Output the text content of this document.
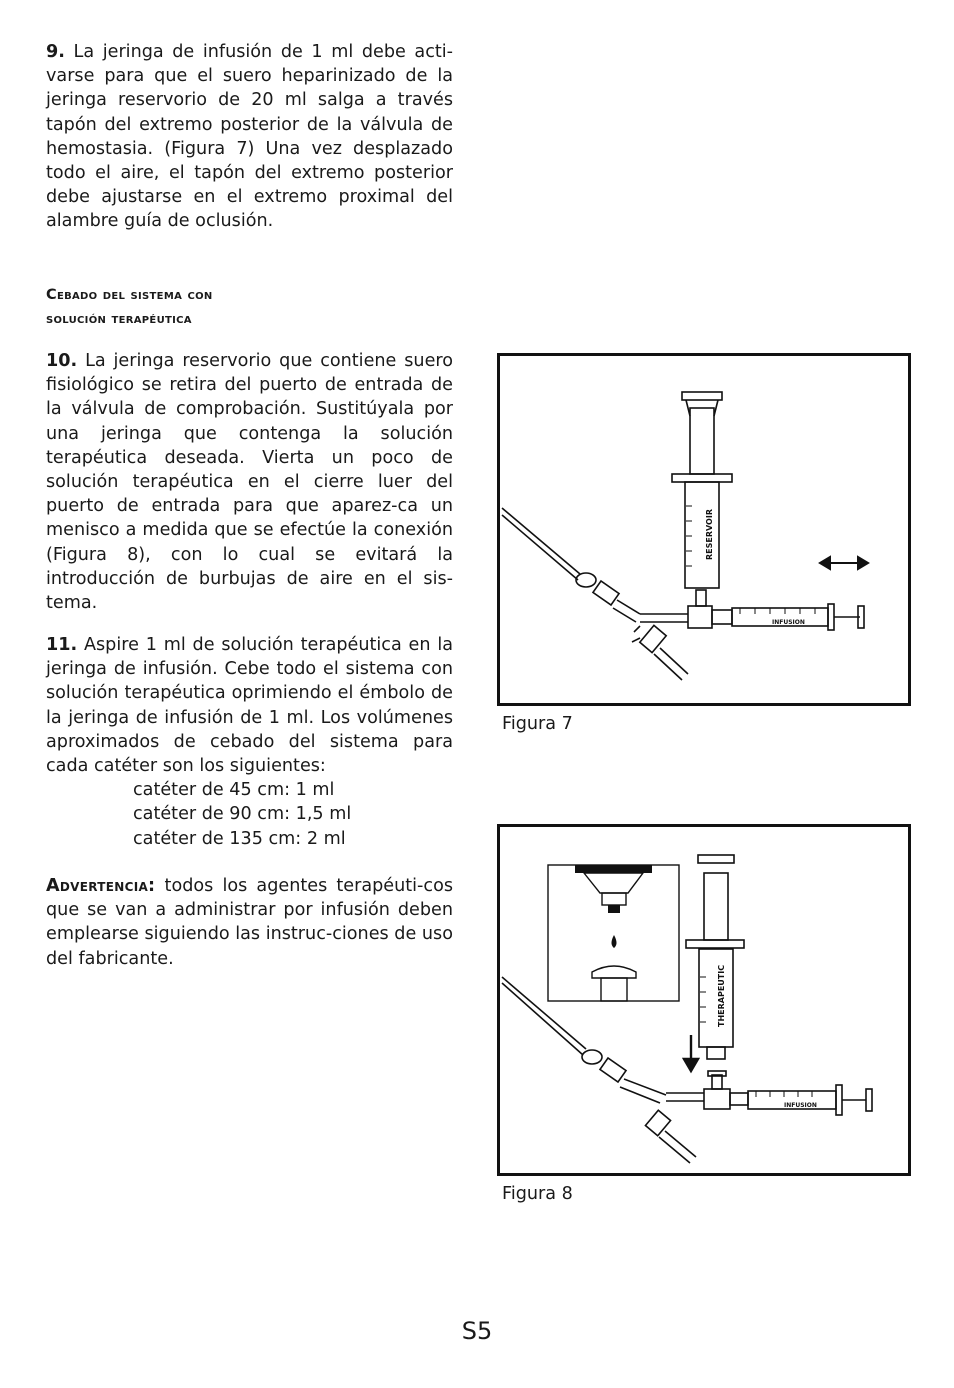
9. La jeringa de infusión de 1 ml debe acti-varse para que el suero heparinizado de la jeringa reservorio de 20 ml salga a través tapón del extremo posterior de la válvula de hemostasia. (Figura 7) Una vez desplazado todo el aire, el tapón del extremo posterior debe ajustarse en el extremo proximal del alambre guía de oclusión.

Cebado del sistema con
solución terapéutica

10. La jeringa reservorio que contiene suero fisiológico se retira del puerto de entrada de la válvula de comprobación. Sustitúyala por una jeringa que contenga la solución terapéutica deseada. Vierta un poco de solución terapéutica en el cierre luer del puerto de entrada para que aparez-ca un menisco a medida que se efectúe la conexión (Figura 8), con lo cual se evitará la introducción de burbujas de aire en el sis-tema.

11. Aspire 1 ml de solución terapéutica en la jeringa de infusión. Cebe todo el sistema con solución terapéutica oprimiendo el émbolo de la jeringa de infusión de 1 ml. Los volúmenes aproximados de cebado del sistema para cada catéter son los siguientes:

catéter de 45 cm: 1 ml
catéter de 90 cm: 1,5 ml
catéter de 135 cm: 2 ml

Advertencia: todos los agentes terapéuti-cos que se van a administrar por infusión deben emplearse siguiendo las instruc-ciones de uso del fabricante.

RESERVOIR
INFUSION
Figura 7
THERAPEUTIC
INFUSION
Figura 8
S5
